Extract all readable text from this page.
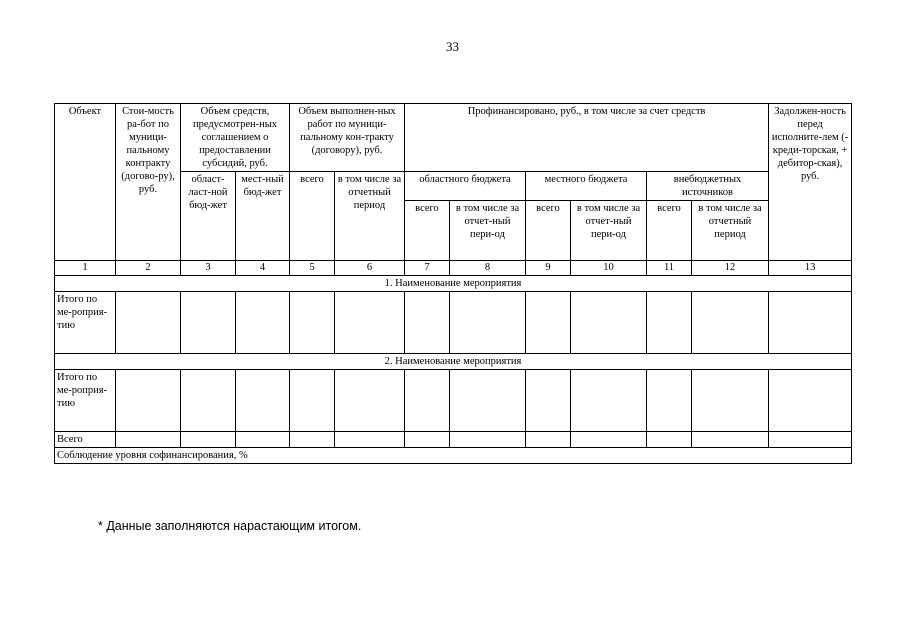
33
Объект	Стои-мость ра-бот по муници-пальному контракту (догово-ру), руб.	Объем средств, предусмотрен-ных соглашением о предоставлении субсидий, руб.		Объем выполнен-ных работ по муници-пальному кон-тракту (договору), руб.		Профинансировано, руб., в том числе за счет средств						Задолжен-ность перед исполните-лем (- креди-торская, + дебитор-ская), руб.
		област-ласт-ной бюд-жет	мест-ный бюд-жет	всего	в том числе за отчетный период	областного бюджета		местного бюджета		внебюджетных источников		
						всего	в том числе за отчет-ный пери-од	всего	в том числе за отчет-ный пери-од	всего	в том числе за отчетный период	
1	2	3	4	5	6	7	8	9	10	11	12	13
1. Наименование мероприятия												
Итого по ме-роприя-тию												
2. Наименование мероприятия												
Итого по ме-роприя-тию												
Всего												
Соблюдение уровня софинансирования, %												
* Данные заполняются нарастающим итогом.
